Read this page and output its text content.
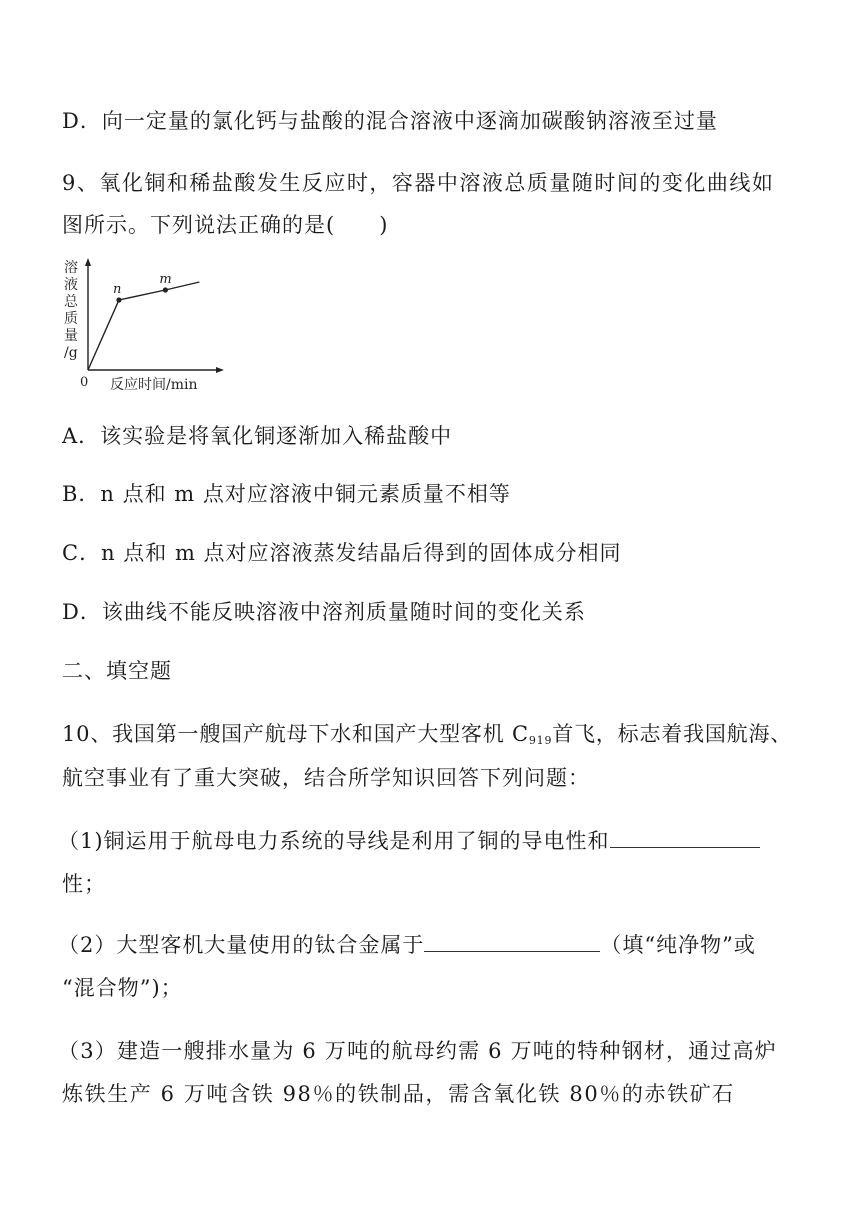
D．向一定量的氯化钙与盐酸的混合溶液中逐滴加碳酸钠溶液至过量
9、氧化铜和稀盐酸发生反应时，容器中溶液总质量随时间的变化曲线如
图所示。下列说法正确的是(　　)
溶
液
总
质
量
/g
0 反应时间/min
n
m
A．该实验是将氧化铜逐渐加入稀盐酸中
B．n 点和 m 点对应溶液中铜元素质量不相等
C．n 点和 m 点对应溶液蒸发结晶后得到的固体成分相同
D．该曲线不能反映溶液中溶剂质量随时间的变化关系
二、填空题
10、我国第一艘国产航母下水和国产大型客机 $C_{919}$首飞，标志着我国航海、
航空事业有了重大突破，结合所学知识回答下列问题：
（1)铜运用于航母电力系统的导线是利用了铜的导电性和
性；
（2）大型客机大量使用的钛合金属于	（填“纯净物”或
“混合物”)；
（3）建造一艘排水量为 6 万吨的航母约需 6 万吨的特种钢材，通过高炉
炼铁生产 6 万吨含铁 98％的铁制品，需含氧化铁 80％的赤铁矿石
